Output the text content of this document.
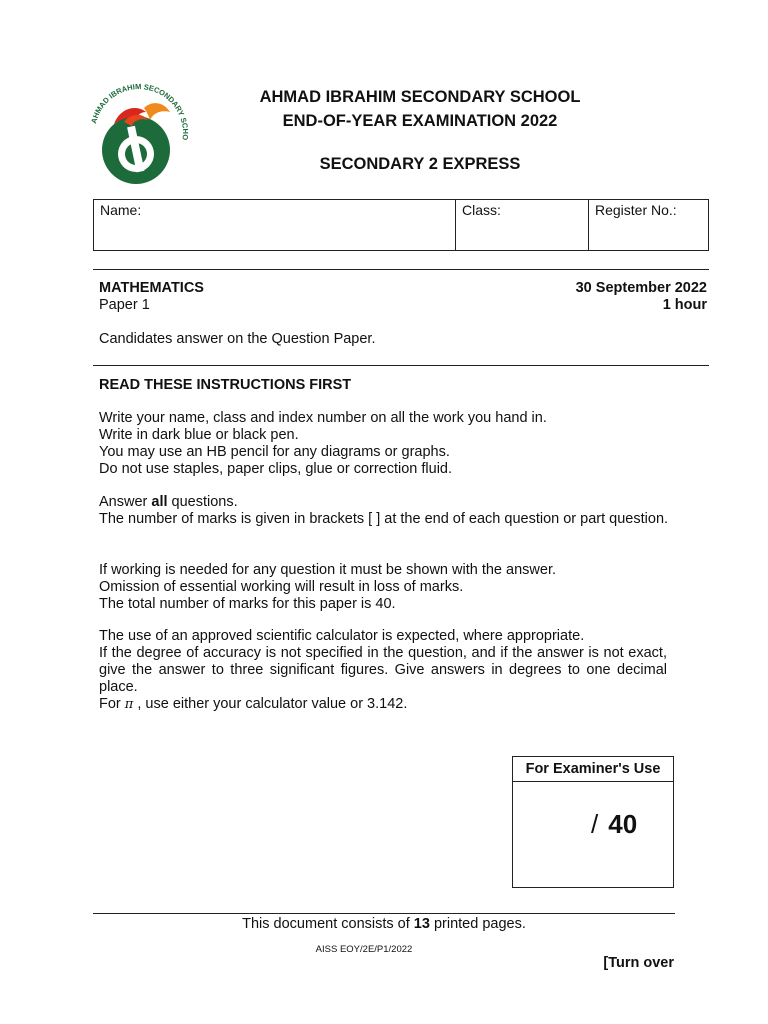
AHMAD IBRAHIM SECONDARY SCHO
AHMAD IBRAHIM SECONDARY SCHOOL
END-OF-YEAR EXAMINATION 2022
SECONDARY 2 EXPRESS
Name:	Class:	Register No.:
MATHEMATICS
Paper 1
30 September 2022
1 hour
Candidates answer on the Question Paper.
READ THESE INSTRUCTIONS FIRST

Write your name, class and index number on all the work you hand in.

Write in dark blue or black pen.

You may use an HB pencil for any diagrams or graphs.

Do not use staples, paper clips, glue or correction fluid.

Answer all questions.

The number of marks is given in brackets [ ] at the end of each question or part question.

If working is needed for any question it must be shown with the answer.

Omission of essential working will result in loss of marks.

The total number of marks for this paper is 40.

The use of an approved scientific calculator is expected, where appropriate.

If the degree of accuracy is not specified in the question, and if the answer is not exact, give the answer to three significant figures. Give answers in degrees to one decimal place.

For π , use either your calculator value or 3.142.

For Examiner's Use
/ 40
This document consists of 13 printed pages.
AISS EOY/2E/P1/2022
[Turn over
